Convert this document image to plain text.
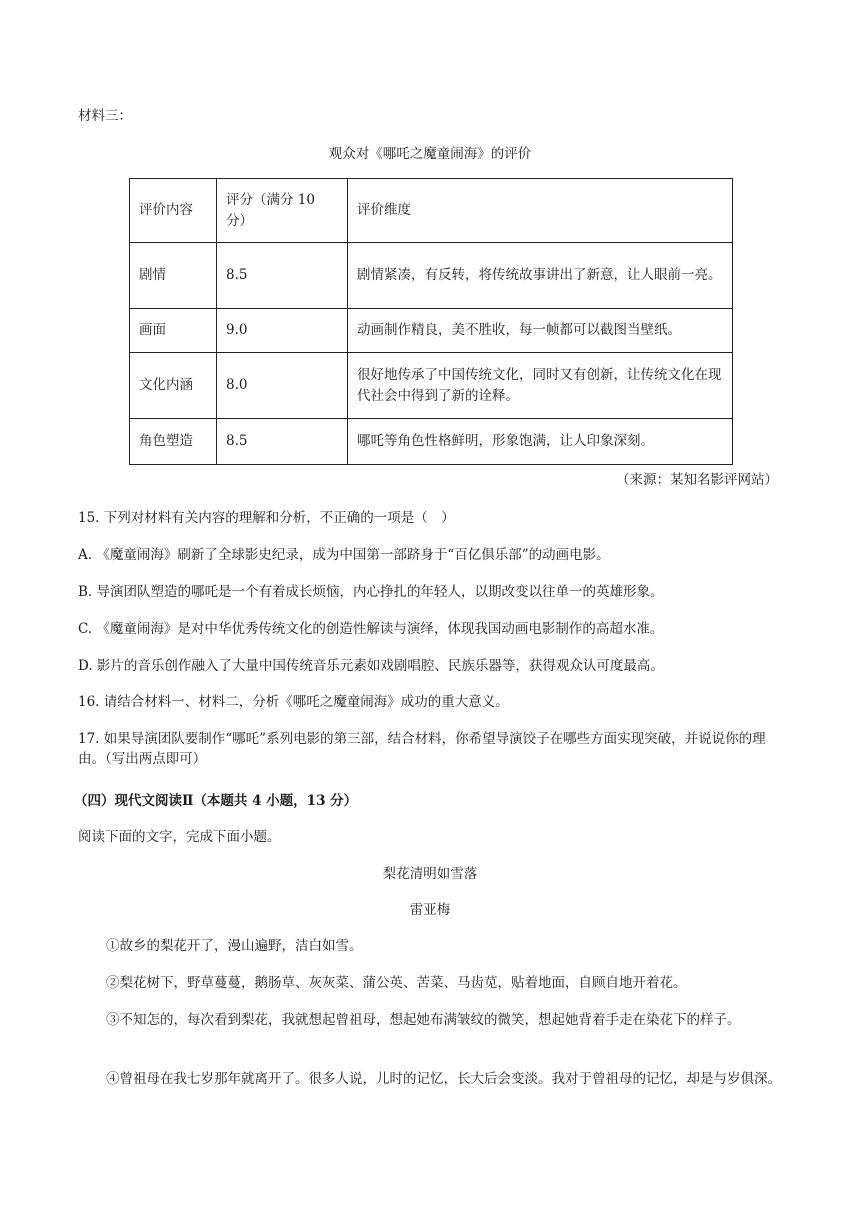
材料三：
观众对《哪吒之魔童闹海》的评价
评价内容	评分（满分 10 分）	评价维度
剧情	8.5	剧情紧凑，有反转，将传统故事讲出了新意，让人眼前一亮。
画面	9.0	动画制作精良，美不胜收，每一帧都可以截图当壁纸。
文化内涵	8.0	很好地传承了中国传统文化，同时又有创新，让传统文化在现代社会中得到了新的诠释。
角色塑造	8.5	哪吒等角色性格鲜明，形象饱满，让人印象深刻。
（来源：某知名影评网站）
15. 下列对材料有关内容的理解和分析，不正确的一项是（　）
A. 《魔童闹海》刷新了全球影史纪录，成为中国第一部跻身于“百亿俱乐部”的动画电影。
B. 导演团队塑造的哪吒是一个有着成长烦恼，内心挣扎的年轻人，以期改变以往单一的英雄形象。
C. 《魔童闹海》是对中华优秀传统文化的创造性解读与演绎，体现我国动画电影制作的高超水准。
D. 影片的音乐创作融入了大量中国传统音乐元素如戏剧唱腔、民族乐器等，获得观众认可度最高。
16. 请结合材料一、材料二，分析《哪吒之魔童闹海》成功的重大意义。
17. 如果导演团队要制作“哪吒”系列电影的第三部，结合材料，你希望导演饺子在哪些方面实现突破，并说说你的理由。（写出两点即可）
（四）现代文阅读Ⅱ（本题共 4 小题，13 分）
阅读下面的文字，完成下面小题。
梨花清明如雪落
雷亚梅
①故乡的梨花开了，漫山遍野，洁白如雪。
②梨花树下，野草蔓蔓，鹅肠草、灰灰菜、蒲公英、苦菜、马齿苋，贴着地面，自顾自地开着花。
③不知怎的，每次看到梨花，我就想起曾祖母，想起她布满皱纹的微笑，想起她背着手走在染花下的样子。
④曾祖母在我七岁那年就离开了。很多人说，儿时的记忆，长大后会变淡。我对于曾祖母的记忆，却是与岁俱深。
